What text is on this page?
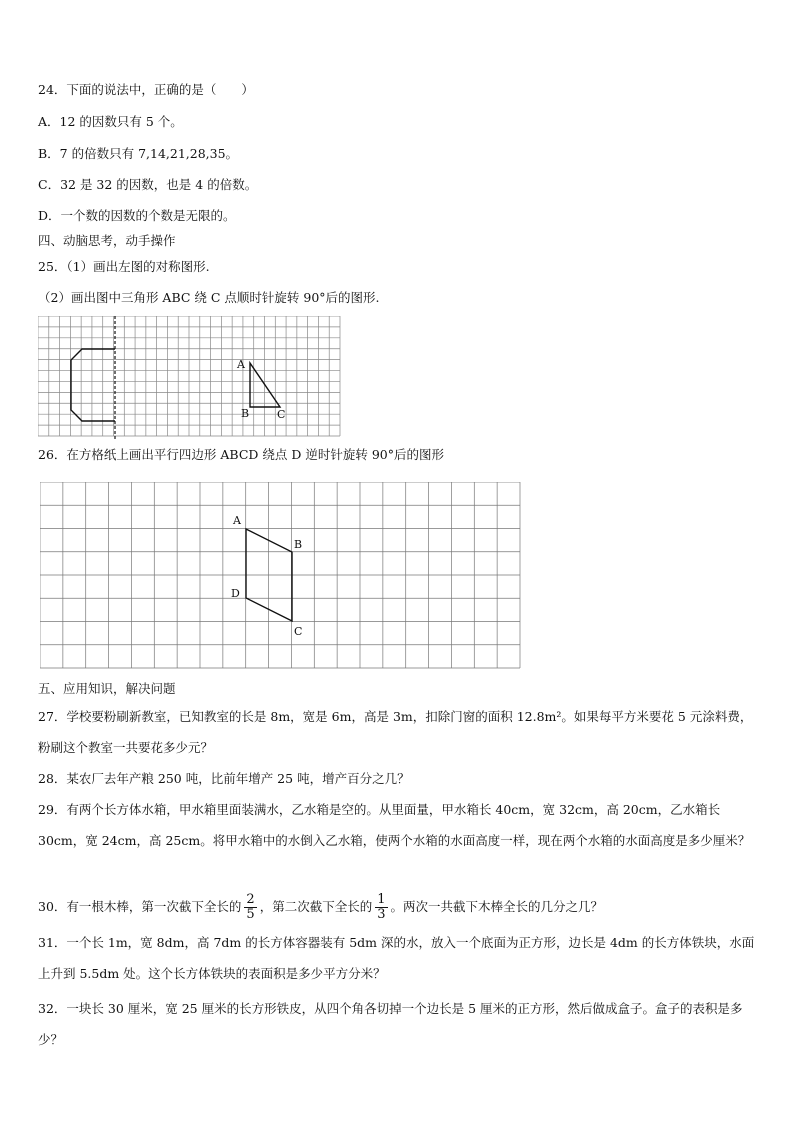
24．下面的说法中，正确的是（　　）
A．12 的因数只有 5 个。
B．7 的倍数只有 7,14,21,28,35。
C．32 是 32 的因数，也是 4 的倍数。
D．一个数的因数的个数是无限的。
四、动脑思考，动手操作
25．（1）画出左图的对称图形.
（2）画出图中三角形 ABC 绕 C 点顺时针旋转 90°后的图形.
A
B	C
26．在方格纸上画出平行四边形 ABCD 绕点 D 逆时针旋转 90°后的图形
A
B
D
C
五、应用知识，解决问题
27．学校要粉刷新教室，已知教室的长是 8m，宽是 6m，高是 3m，扣除门窗的面积 12.8m²。如果每平方米要花 5 元涂料费，粉刷这个教室一共要花多少元？
28．某农厂去年产粮 250 吨，比前年增产 25 吨，增产百分之几？
29．有两个长方体水箱，甲水箱里面装满水，乙水箱是空的。从里面量，甲水箱长 40cm，宽 32cm，高 20cm，乙水箱长 30cm，宽 24cm，高 25cm。将甲水箱中的水倒入乙水箱，使两个水箱的水面高度一样，现在两个水箱的水面高度是多少厘米？
30．有一根木棒，第一次截下全长的 $\frac{2}{5}$ ，第二次截下全长的 $\frac{1}{3}$ 。两次一共截下木棒全长的几分之几？
31．一个长 1m，宽 8dm，高 7dm 的长方体容器装有 5dm 深的水，放入一个底面为正方形，边长是 4dm 的长方体铁块，水面上升到 5.5dm 处。这个长方体铁块的表面积是多少平方分米？
32．一块长 30 厘米，宽 25 厘米的长方形铁皮，从四个角各切掉一个边长是 5 厘米的正方形，然后做成盒子。盒子的表积是多少？
